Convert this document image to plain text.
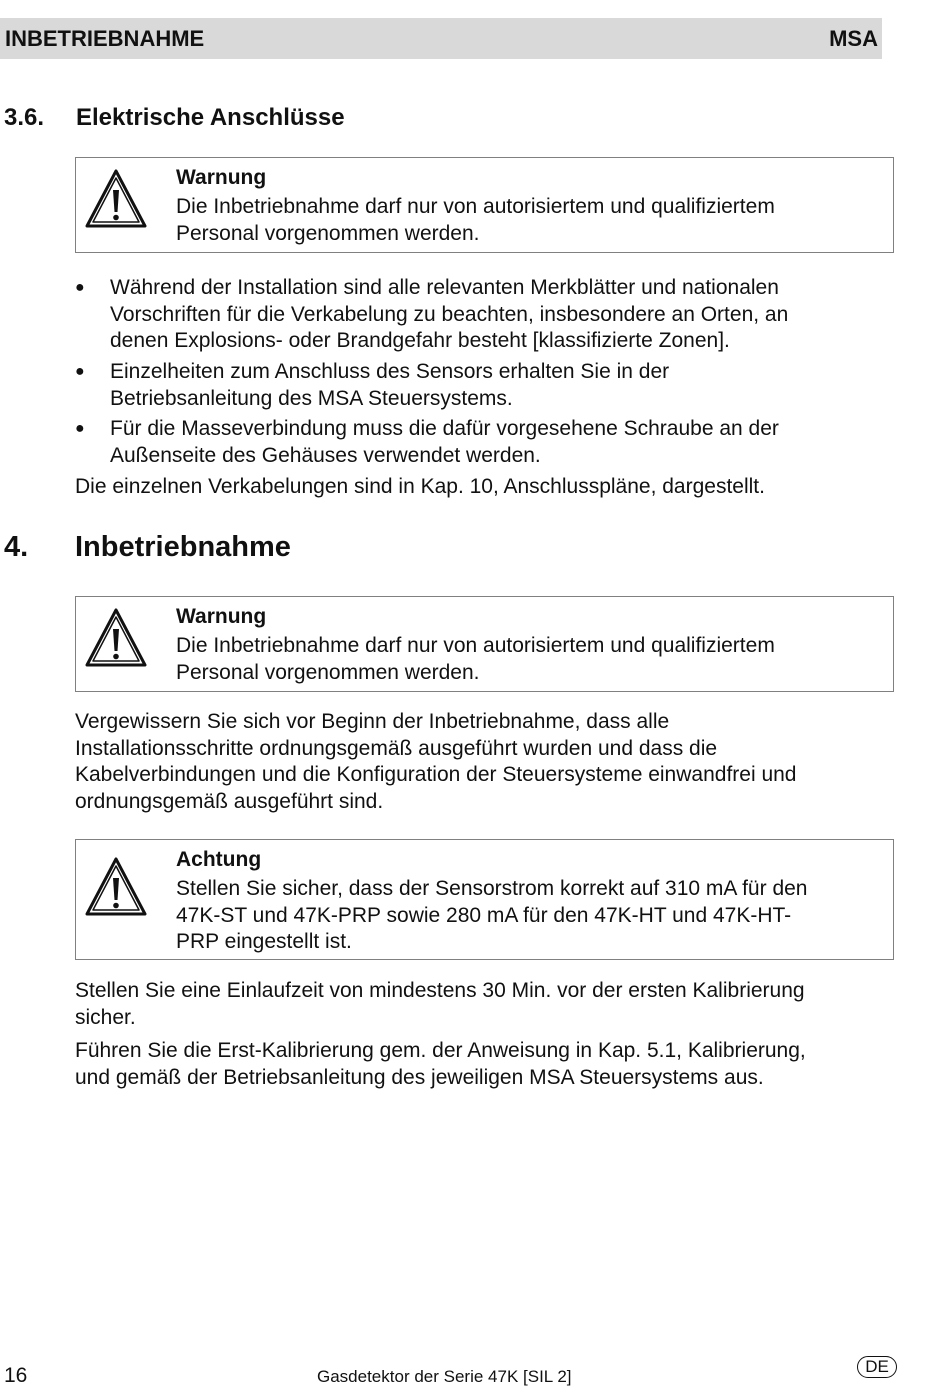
INBETRIEBNAHME	MSA
3.6. Elektrische Anschlüsse
Warnung
Die Inbetriebnahme darf nur von autorisiertem und qualifiziertem
Personal vorgenommen werden.
● Während der Installation sind alle relevanten Merkblätter und nationalen
Vorschriften für die Verkabelung zu beachten, insbesondere an Orten, an
denen Explosions- oder Brandgefahr besteht [klassifizierte Zonen].
● Einzelheiten zum Anschluss des Sensors erhalten Sie in der
Betriebsanleitung des MSA Steuersystems.
● Für die Masseverbindung muss die dafür vorgesehene Schraube an der
Außenseite des Gehäuses verwendet werden.
Die einzelnen Verkabelungen sind in Kap. 10, Anschlusspläne, dargestellt.
4. Inbetriebnahme
Warnung
Die Inbetriebnahme darf nur von autorisiertem und qualifiziertem
Personal vorgenommen werden.
Vergewissern Sie sich vor Beginn der Inbetriebnahme, dass alle
Installationsschritte ordnungsgemäß ausgeführt wurden und dass die
Kabelverbindungen und die Konfiguration der Steuersysteme einwandfrei und
ordnungsgemäß ausgeführt sind.
Achtung
Stellen Sie sicher, dass der Sensorstrom korrekt auf 310 mA für den
47K-ST und 47K-PRP sowie 280 mA für den 47K-HT und 47K-HT-
PRP eingestellt ist.
Stellen Sie eine Einlaufzeit von mindestens 30 Min. vor der ersten Kalibrierung
sicher.
Führen Sie die Erst-Kalibrierung gem. der Anweisung in Kap. 5.1, Kalibrierung,
und gemäß der Betriebsanleitung des jeweiligen MSA Steuersystems aus.
16	Gasdetektor der Serie 47K [SIL 2]
DE
